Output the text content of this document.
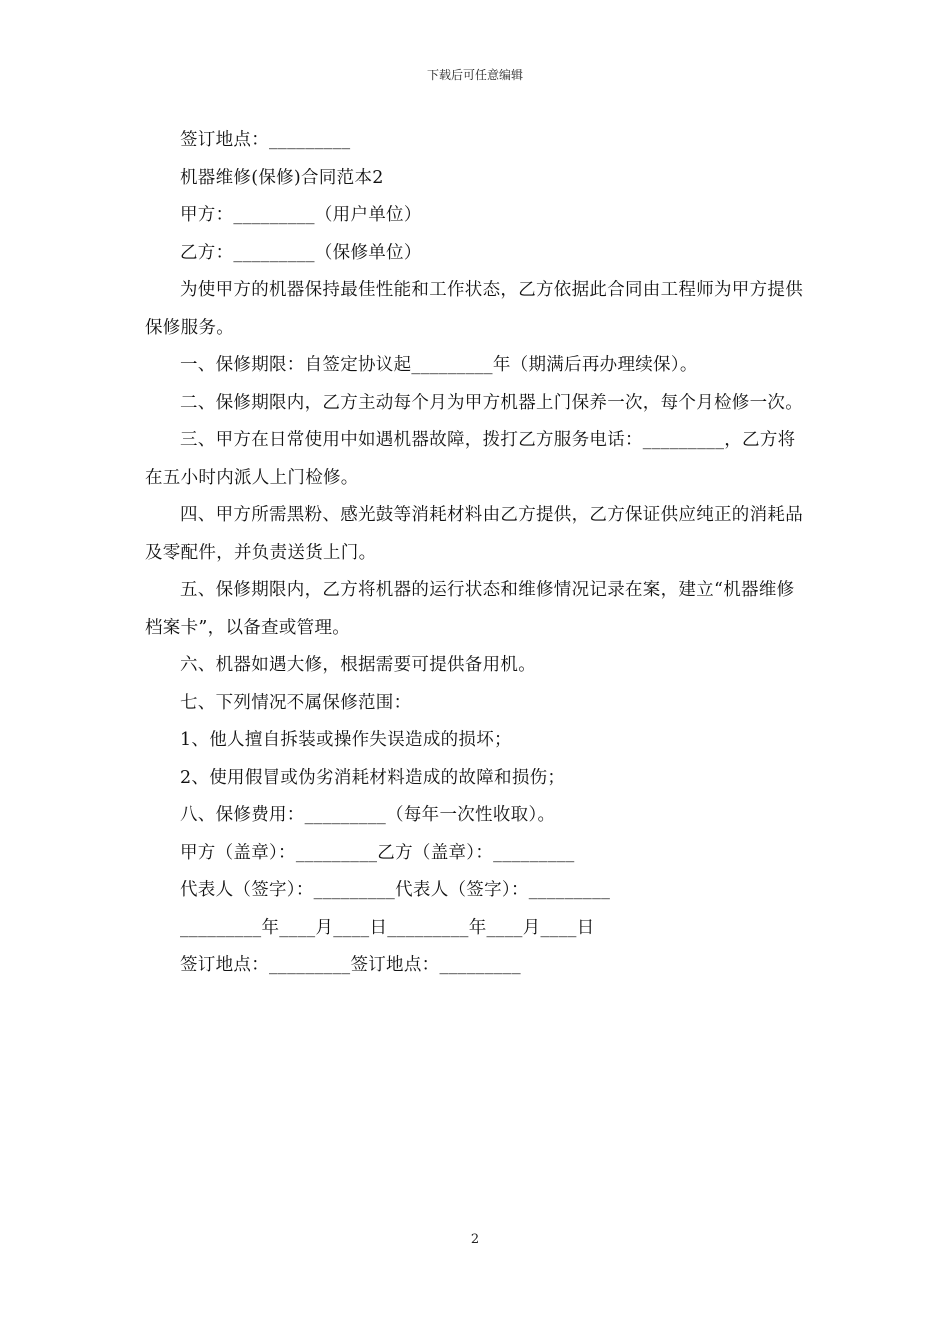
下载后可任意编辑

签订地点：_________

机器维修(保修)合同范本2

甲方：_________（用户单位）

乙方：_________（保修单位）

为使甲方的机器保持最佳性能和工作状态，乙方依据此合同由工程师为甲方提供保修服务。

一、保修期限：自签定协议起_________年（期满后再办理续保）。

二、保修期限内，乙方主动每个月为甲方机器上门保养一次，每个月检修一次。

三、甲方在日常使用中如遇机器故障，拨打乙方服务电话：_________，乙方将在五小时内派人上门检修。

四、甲方所需黑粉、感光鼓等消耗材料由乙方提供，乙方保证供应纯正的消耗品及零配件，并负责送货上门。

五、保修期限内，乙方将机器的运行状态和维修情况记录在案，建立“机器维修档案卡”，以备查或管理。

六、机器如遇大修，根据需要可提供备用机。

七、下列情况不属保修范围：

1、他人擅自拆装或操作失误造成的损坏；

2、使用假冒或伪劣消耗材料造成的故障和损伤；

八、保修费用：_________（每年一次性收取）。

甲方（盖章）：_________乙方（盖章）：_________

代表人（签字）：_________代表人（签字）：_________

_________年____月____日_________年____月____日

签订地点：_________签订地点：_________

2
